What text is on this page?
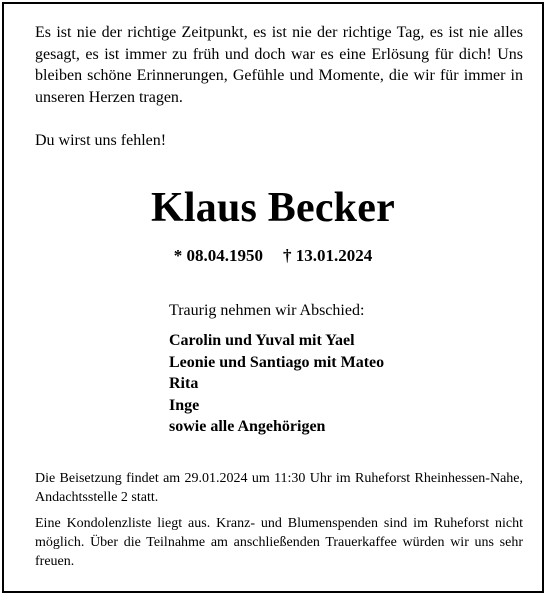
Es ist nie der richtige Zeitpunkt, es ist nie der richtige Tag, es ist nie alles gesagt, es ist immer zu früh und doch war es eine Erlösung für dich! Uns bleiben schöne Erinnerungen, Gefühle und Momente, die wir für immer in unseren Herzen tragen.

Du wirst uns fehlen!

Klaus Becker

* 08.04.1950 † 13.01.2024

Traurig nehmen wir Abschied:

Carolin und Yuval mit Yael
Leonie und Santiago mit Mateo
Rita
Inge
sowie alle Angehörigen

Die Beisetzung findet am 29.01.2024 um 11:30 Uhr im Ruheforst Rheinhessen-Nahe, Andachtsstelle 2 statt.

Eine Kondolenzliste liegt aus. Kranz- und Blumenspenden sind im Ruheforst nicht möglich. Über die Teilnahme am anschließenden Trauerkaffee würden wir uns sehr freuen.
